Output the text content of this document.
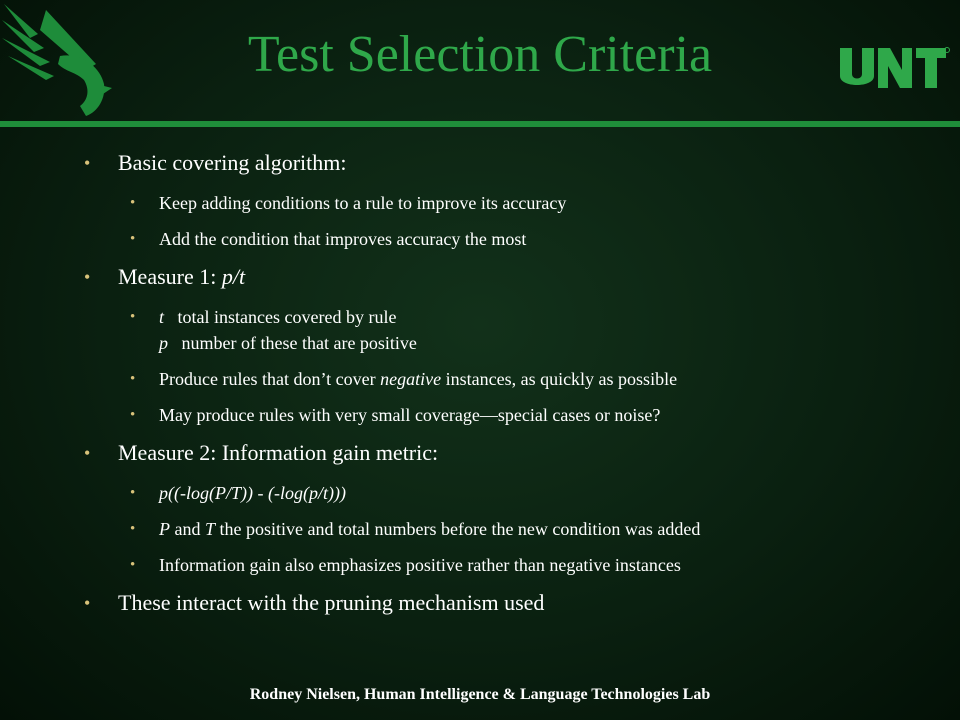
Test Selection Criteria
• Basic covering algorithm:
• Keep adding conditions to a rule to improve its accuracy
• Add the condition that improves accuracy the most
• Measure 1: p/t
• t total instances covered by rule
p number of these that are positive
• Produce rules that don’t cover negative instances, as quickly as possible
• May produce rules with very small coverage—special cases or noise?
• Measure 2: Information gain metric:
• p((-log(P/T)) - (-log(p/t)))
• P and T the positive and total numbers before the new condition was added
• Information gain also emphasizes positive rather than negative instances
• These interact with the pruning mechanism used
Rodney Nielsen, Human Intelligence & Language Technologies Lab
